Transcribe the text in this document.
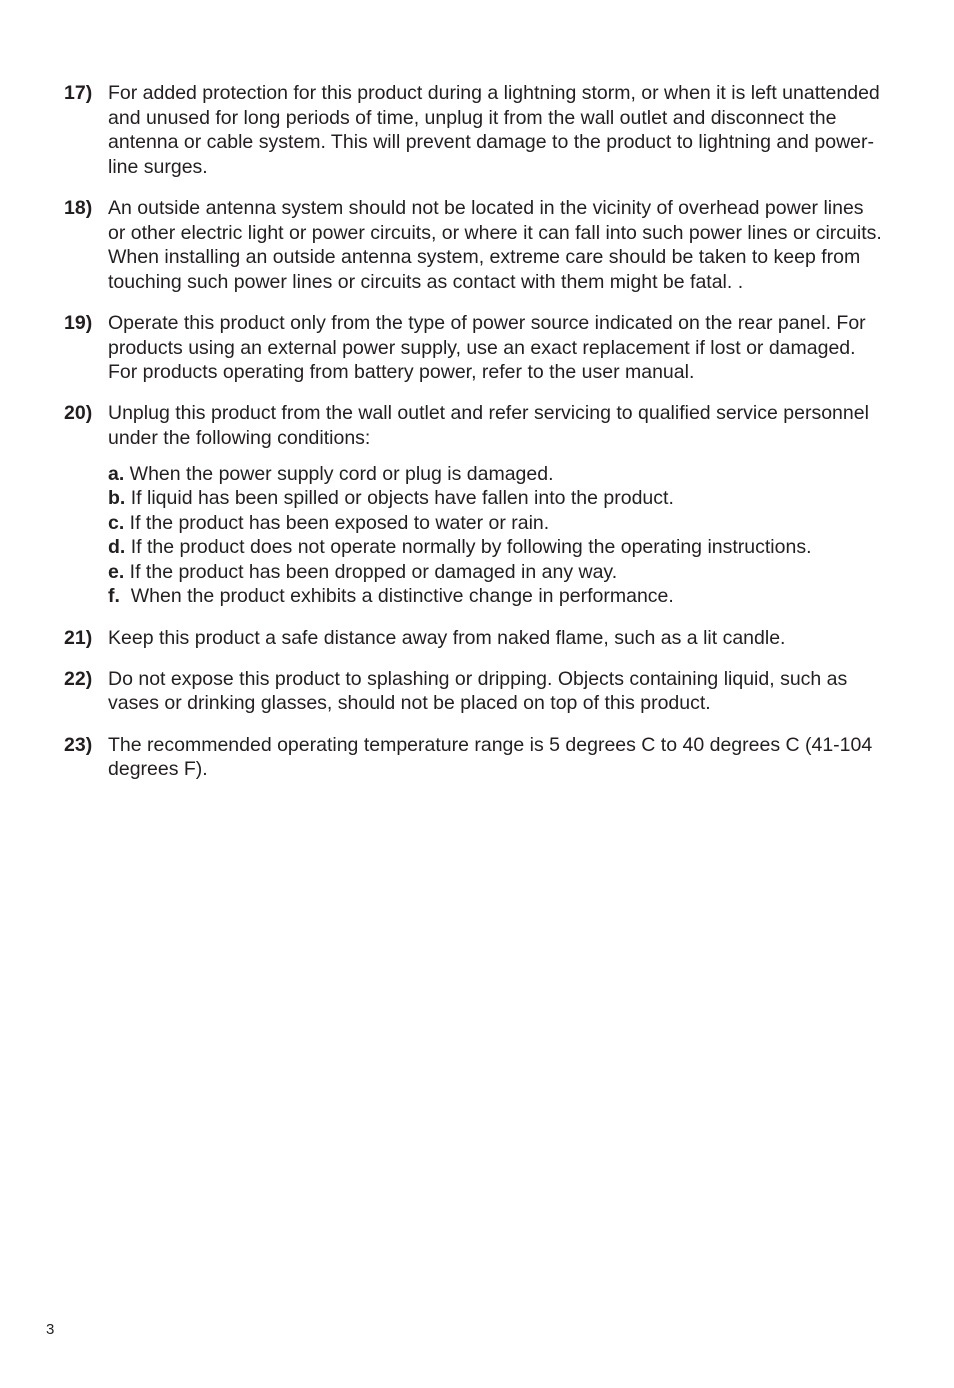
17) For added protection for this product during a lightning storm, or when it is left unattended and unused for long periods of time, unplug it from the wall outlet and disconnect the antenna or cable system. This will prevent damage to the product to lightning and power-line surges.
18) An outside antenna system should not be located in the vicinity of overhead power lines or other electric light or power circuits, or where it can fall into such power lines or circuits. When installing an outside antenna system, extreme care should be taken to keep from touching such power lines or circuits as contact with them might be fatal. .
19) Operate this product only from the type of power source indicated on the rear panel. For products using an external power supply, use an exact replacement if lost or damaged. For products operating from battery power, refer to the user manual.
20) Unplug this product from the wall outlet and refer servicing to qualified service personnel under the following conditions:
a. When the power supply cord or plug is damaged.
b. If liquid has been spilled or objects have fallen into the product.
c. If the product has been exposed to water or rain.
d. If the product does not operate normally by following the operating instructions.
e. If the product has been dropped or damaged in any way.
f.  When the product exhibits a distinctive change in performance.
21) Keep this product a safe distance away from naked flame, such as a lit candle.
22) Do not expose this product to splashing or dripping. Objects containing liquid, such as vases or drinking glasses, should not be placed on top of this product.
23) The recommended operating temperature range is 5 degrees C to 40 degrees C (41-104 degrees F).
3
